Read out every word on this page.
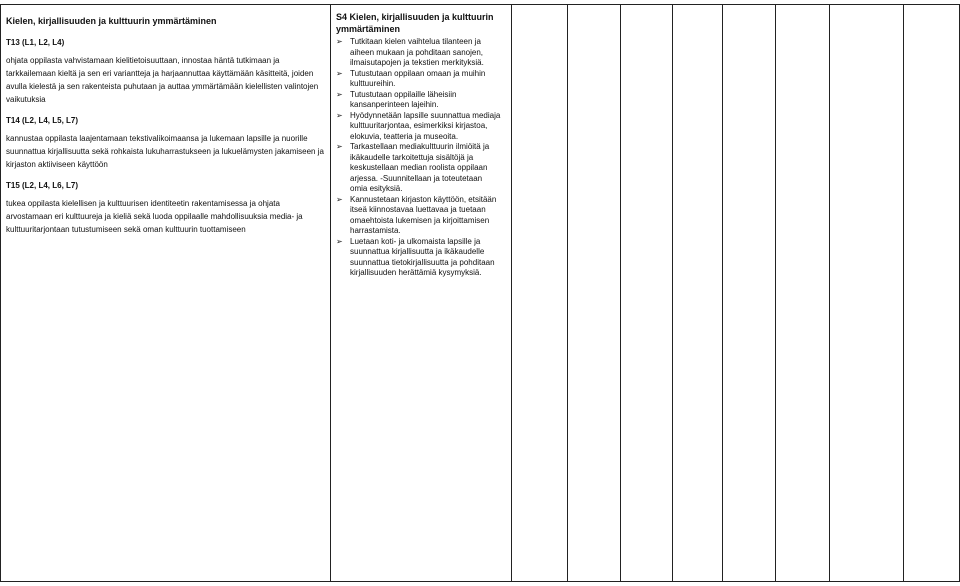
Kielen, kirjallisuuden ja kulttuurin ymmärtäminen

T13 (L1, L2, L4)

ohjata oppilasta vahvistamaan kielitietoisuuttaan, innostaa häntä tutkimaan ja tarkkailemaan kieltä ja sen eri variantteja ja harjaannuttaa käyttämään käsitteitä, joiden avulla kielestä ja sen rakenteista puhutaan ja auttaa ymmärtämään kielellisten valintojen vaikutuksia

T14 (L2, L4, L5, L7)

kannustaa oppilasta laajentamaan tekstivalikoimaansa ja lukemaan lapsille ja nuorille suunnattua kirjallisuutta sekä rohkaista lukuharrastukseen ja lukuelämysten jakamiseen ja kirjaston aktiiviseen käyttöön

T15 (L2, L4, L6, L7)

tukea oppilasta kielellisen ja kulttuurisen identiteetin rakentamisessa ja ohjata arvostamaan eri kulttuureja ja kieliä sekä luoda oppilaalle mahdollisuuksia media- ja kulttuuritarjontaan tutustumiseen sekä oman kulttuurin tuottamiseen

S4 Kielen, kirjallisuuden ja kulttuurin ymmärtäminen

➢ Tutkitaan kielen vaihtelua tilanteen ja aiheen mukaan ja pohditaan sanojen, ilmaisutapojen ja tekstien merkityksiä.
➢ Tutustutaan oppilaan omaan ja muihin kulttuureihin.
➢ Tutustutaan oppilaille läheisiin kansanperinteen lajeihin.
➢ Hyödynnetään lapsille suunnattua mediaja kulttuuritarjontaa, esimerkiksi kirjastoa, elokuvia, teatteria ja museoita.
➢ Tarkastellaan mediakulttuurin ilmiöitä ja ikäkaudelle tarkoitettuja sisältöjä ja keskustellaan median roolista oppilaan arjessa. -Suunnitellaan ja toteutetaan omia esityksiä.
➢ Kannustetaan kirjaston käyttöön, etsitään itseä kiinnostavaa luettavaa ja tuetaan omaehtoista lukemisen ja kirjoittamisen harrastamista.
➢ Luetaan koti- ja ulkomaista lapsille ja suunnattua kirjallisuutta ja ikäkaudelle suunnattua tietokirjallisuutta ja pohditaan kirjallisuuden herättämiä kysymyksiä.
